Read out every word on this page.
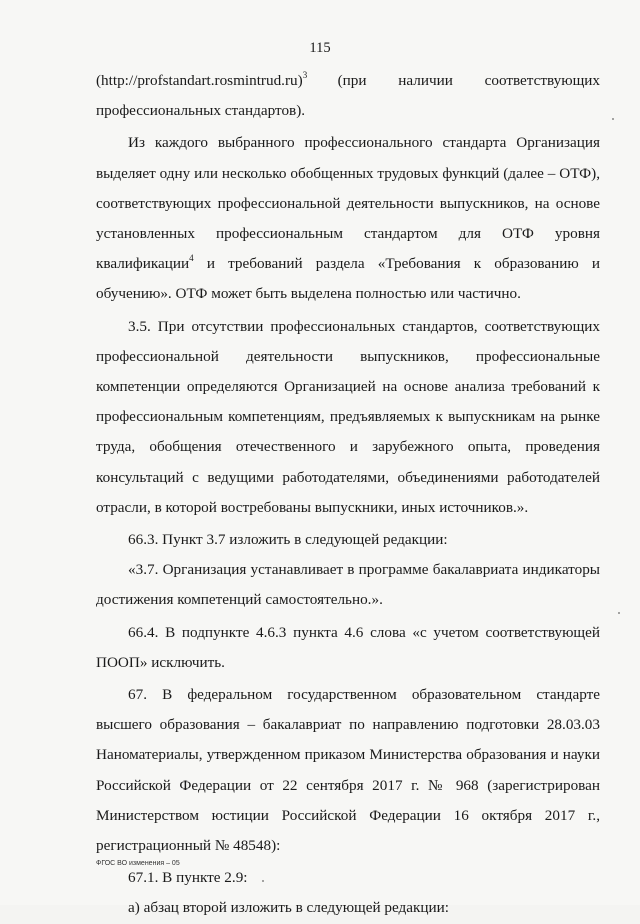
115

(http://profstandart.rosmintrud.ru)$^3$   (при наличии соответствующих профессиональных стандартов).

Из каждого выбранного профессионального стандарта Организация выделяет одну или несколько обобщенных трудовых функций (далее – ОТФ), соответствующих профессиональной деятельности выпускников, на основе установленных профессиональным стандартом для ОТФ уровня квалификации$^4$ и требований раздела «Требования к образованию и обучению». ОТФ может быть выделена полностью или частично.

3.5. При отсутствии профессиональных стандартов, соответствующих профессиональной деятельности выпускников, профессиональные компетенции определяются Организацией на основе анализа требований к профессиональным компетенциям, предъявляемых к выпускникам на рынке труда, обобщения отечественного и зарубежного опыта, проведения консультаций с ведущими работодателями, объединениями работодателей отрасли, в которой востребованы выпускники, иных источников.».

66.3. Пункт 3.7 изложить в следующей редакции:

«3.7. Организация устанавливает в программе бакалавриата индикаторы достижения компетенций самостоятельно.».

66.4. В подпункте 4.6.3 пункта 4.6 слова «с учетом соответствующей ПООП» исключить.

67. В федеральном государственном образовательном стандарте высшего образования – бакалавриат по направлению подготовки 28.03.03 Наноматериалы, утвержденном приказом Министерства образования и науки Российской Федерации от 22 сентября 2017 г. № 968 (зарегистрирован Министерством юстиции Российской Федерации 16 октября 2017 г., регистрационный № 48548):

67.1. В пункте 2.9:

а) абзац второй изложить в следующей редакции:

ФГОС ВО изменения – 05
